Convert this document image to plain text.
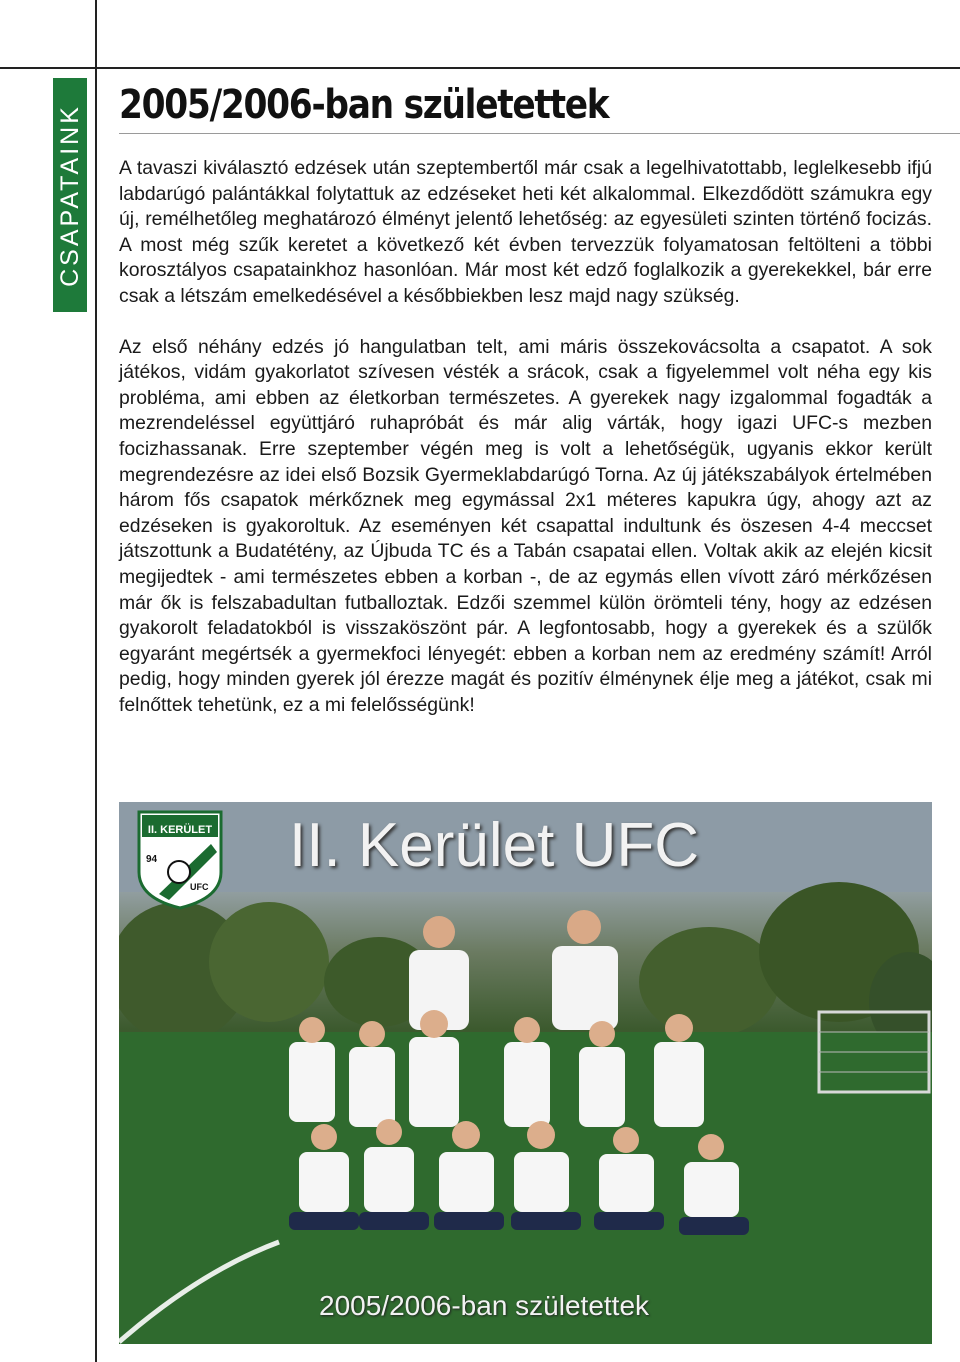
CSAPATAINK 2005/2006-ban születettek

A tavaszi kiválasztó edzések után szeptembertől már csak a legelhivatottabb, leglelkesebb ifjú labdarúgó palántákkal folytattuk az edzéseket heti két alkalommal. Elkezdődött számukra egy új, remélhetőleg meghatározó élményt jelentő lehetőség: az egyesületi szinten történő focizás. A most még szűk keretet a következő két évben tervezzük folyamatosan feltölteni a többi korosztályos csapatainkhoz hasonlóan. Már most két edző foglalkozik a gyerekekkel, bár erre csak a létszám emelkedésével a későbbiekben lesz majd nagy szükség.

Az első néhány edzés jó hangulatban telt, ami máris összekovácsolta a csapatot. A sok játékos, vidám gyakorlatot szívesen vésték a srácok, csak a figyelemmel volt néha egy kis probléma, ami ebben az életkorban természetes. A gyerekek nagy izgalommal fogadták a mezrendeléssel együttjáró ruhapróbát és már alig várták, hogy igazi UFC-s mezben focizhassanak. Erre szeptember végén meg is volt a lehetőségük, ugyanis ekkor került megrendezésre az idei első Bozsik Gyermeklabdarúgó Torna. Az új játékszabályok értelmében három fős csapatok mérkőznek meg egymással 2x1 méteres kapukra úgy, ahogy azt az edzéseken is gyakoroltuk. Az eseményen két csapattal indultunk és öszesen 4-4 meccset játszottunk a Budatétény, az Újbuda TC és a Tabán csapatai ellen. Voltak akik az elején kicsit megijedtek - ami természetes ebben a korban -, de az egymás ellen vívott záró mérkőzésen már ők is felszabadultan futballoztak. Edzői szemmel külön örömteli tény, hogy az edzésen gyakorolt feladatokból is visszaköszönt pár. A legfontosabb, hogy a gyerekek és a szülők egyaránt megértsék a gyermekfoci lényegét: ebben a korban nem az eredmény számít! Arról pedig, hogy minden gyerek jól érezze magát és pozitív élménynek élje meg a játékot, csak mi felnőttek tehetünk, ez a mi felelősségünk!

II. KERÜLET
94
UFC
II. Kerület UFC
2005/2006-ban születettek
